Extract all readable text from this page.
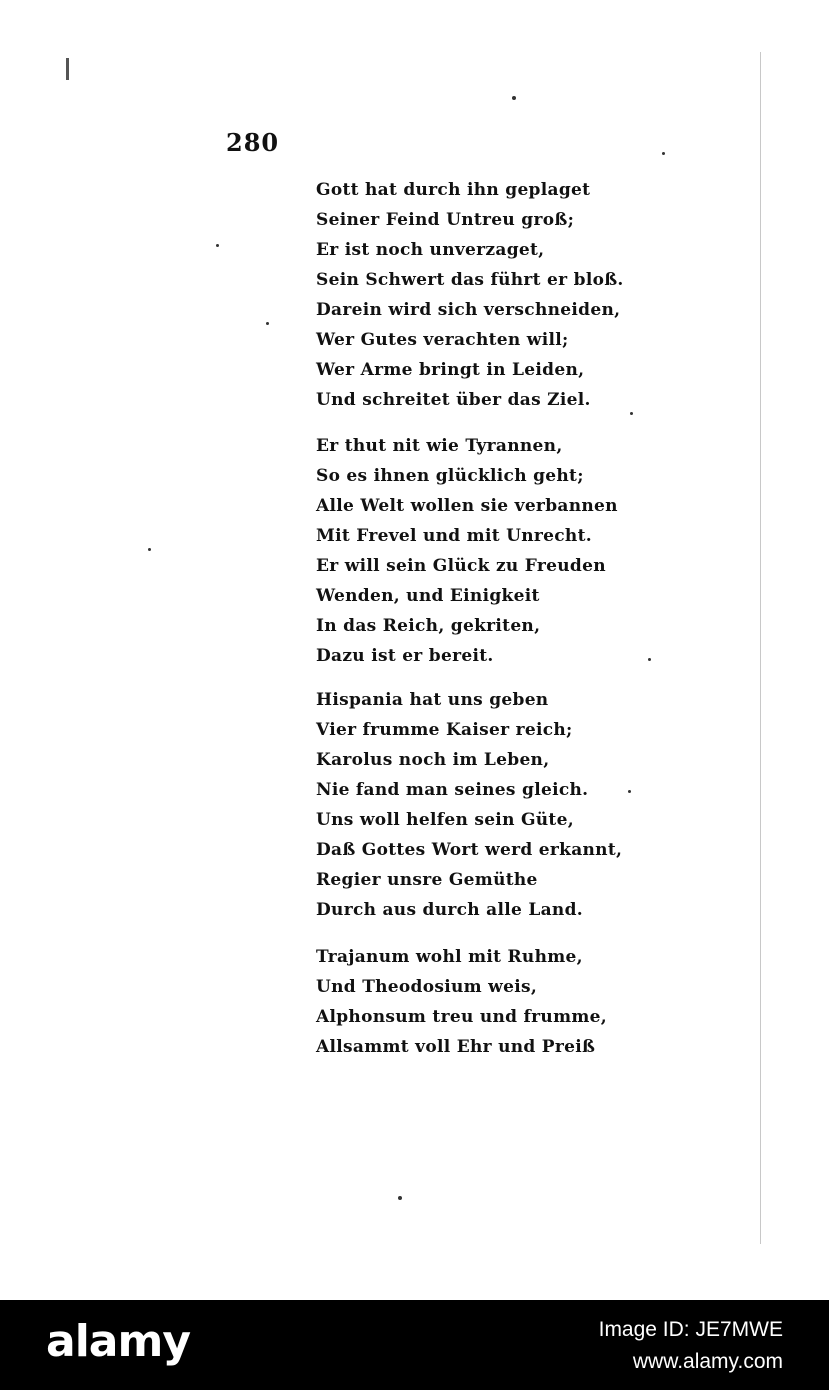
280
Gott hat durch ihn geplaget
Seiner Feind Untreu groß;
Er ist noch unverzaget,
Sein Schwert das führt er bloß.
Darein wird sich verschneiden,
Wer Gutes verachten will;
Wer Arme bringt in Leiden,
Und schreitet über das Ziel.
Er thut nit wie Tyrannen,
So es ihnen glücklich geht;
Alle Welt wollen sie verbannen
Mit Frevel und mit Unrecht.
Er will sein Glück zu Freuden
Wenden, und Einigkeit
In das Reich, gekriten,
Dazu ist er bereit.
Hispania hat uns geben
Vier frumme Kaiser reich;
Karolus noch im Leben,
Nie fand man seines gleich.
Uns woll helfen sein Güte,
Daß Gottes Wort werd erkannt,
Regier unsre Gemüthe
Durch aus durch alle Land.
Trajanum wohl mit Ruhme,
Und Theodosium weis,
Alphonsum treu und frumme,
Allsammt voll Ehr und Preiß
alamy	Image ID: JE7MWE
www.alamy.com
